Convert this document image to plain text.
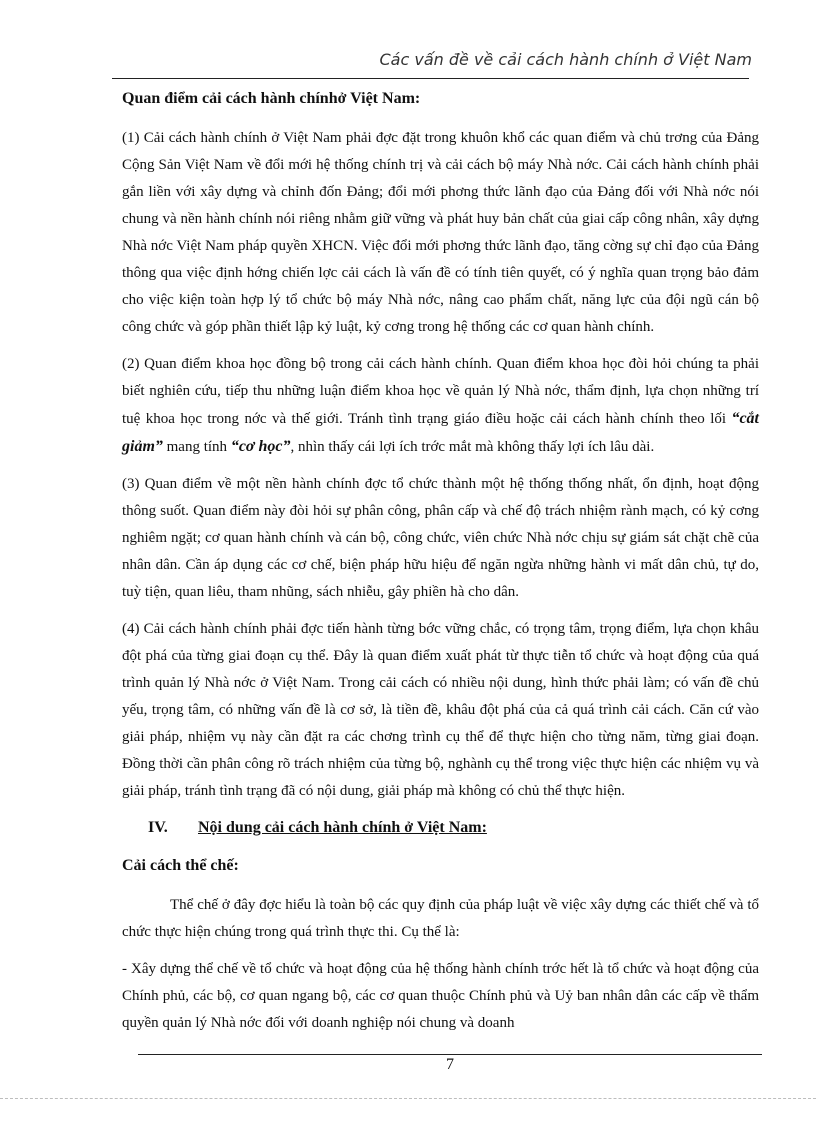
Các vấn đề về cải cách hành chính ở Việt Nam
Quan điểm cải cách hành chínhở Việt Nam:

(1) Cải cách hành chính ở Việt Nam phải đợc đặt trong khuôn khổ các quan điểm và chủ trơng của Đảng Cộng Sản Việt Nam về đổi mới hệ thống chính trị và cải cách bộ máy Nhà nớc. Cải cách hành chính phải gắn liền với xây dựng và chỉnh đốn Đảng; đổi mới phơng thức lãnh đạo của Đảng đối với Nhà nớc nói chung và nền hành chính nói riêng nhằm giữ vững và phát huy bản chất của giai cấp công nhân, xây dựng Nhà nớc Việt Nam pháp quyền XHCN. Việc đổi mới phơng thức lãnh đạo, tăng cờng sự chỉ đạo của Đảng thông qua việc định hớng chiến lợc cải cách là vấn đề có tính tiên quyết, có ý nghĩa quan trọng bảo đảm cho việc kiện toàn hợp lý tổ chức bộ máy Nhà nớc, nâng cao phẩm chất, năng lực của đội ngũ cán bộ công chức và góp phần thiết lập kỷ luật, kỷ cơng trong hệ thống các cơ quan hành chính.

(2) Quan điểm khoa học đồng bộ trong cải cách hành chính. Quan điểm khoa học đòi hỏi chúng ta phải biết nghiên cứu, tiếp thu những luận điểm khoa học về quản lý Nhà nớc, thẩm định, lựa chọn những trí tuệ khoa học trong nớc và thế giới. Tránh tình trạng giáo điều hoặc cải cách hành chính theo lối “cắt giảm” mang tính “cơ học”, nhìn thấy cái lợi ích trớc mắt mà không thấy lợi ích lâu dài.

(3) Quan điểm về một nền hành chính đợc tổ chức thành một hệ thống thống nhất, ổn định, hoạt động thông suốt. Quan điểm này đòi hỏi sự phân công, phân cấp và chế độ trách nhiệm rành mạch, có kỷ cơng nghiêm ngặt; cơ quan hành chính và cán bộ, công chức, viên chức Nhà nớc chịu sự giám sát chặt chẽ của nhân dân. Cần áp dụng các cơ chế, biện pháp hữu hiệu để ngăn ngừa những hành vi mất dân chủ, tự do, tuỳ tiện, quan liêu, tham nhũng, sách nhiễu, gây phiền hà cho dân.

(4) Cải cách hành chính phải đợc tiến hành từng bớc vững chắc, có trọng tâm, trọng điểm, lựa chọn khâu đột phá của từng giai đoạn cụ thể. Đây là quan điểm xuất phát từ thực tiễn tổ chức và hoạt động của quá trình quản lý Nhà nớc ở Việt Nam. Trong cải cách có nhiều nội dung, hình thức phải làm; có vấn đề chủ yếu, trọng tâm, có những vấn đề là cơ sở, là tiền đề, khâu đột phá của cả quá trình cải cách. Căn cứ vào giải pháp, nhiệm vụ này cần đặt ra các chơng trình cụ thể để thực hiện cho từng năm, từng giai đoạn. Đồng thời cần phân công rõ trách nhiệm của từng bộ, nghành cụ thể trong việc thực hiện các nhiệm vụ và giải pháp, tránh tình trạng đã có nội dung, giải pháp mà không có chủ thể thực hiện.

IV.	Nội dung cải cách hành chính ở Việt Nam:
Cải cách thể chế:

Thể chế ở đây đợc hiểu là toàn bộ các quy định của pháp luật về việc xây dựng các thiết chế và tổ chức thực hiện chúng trong quá trình thực thi. Cụ thể là:

- Xây dựng thể chế về tổ chức và hoạt động của hệ thống hành chính trớc hết là tổ chức và hoạt động của Chính phủ, các bộ, cơ quan ngang bộ, các cơ quan thuộc Chính phủ và Uỷ ban nhân dân các cấp về thẩm quyền quản lý Nhà nớc đối với doanh nghiệp nói chung và doanh

7
